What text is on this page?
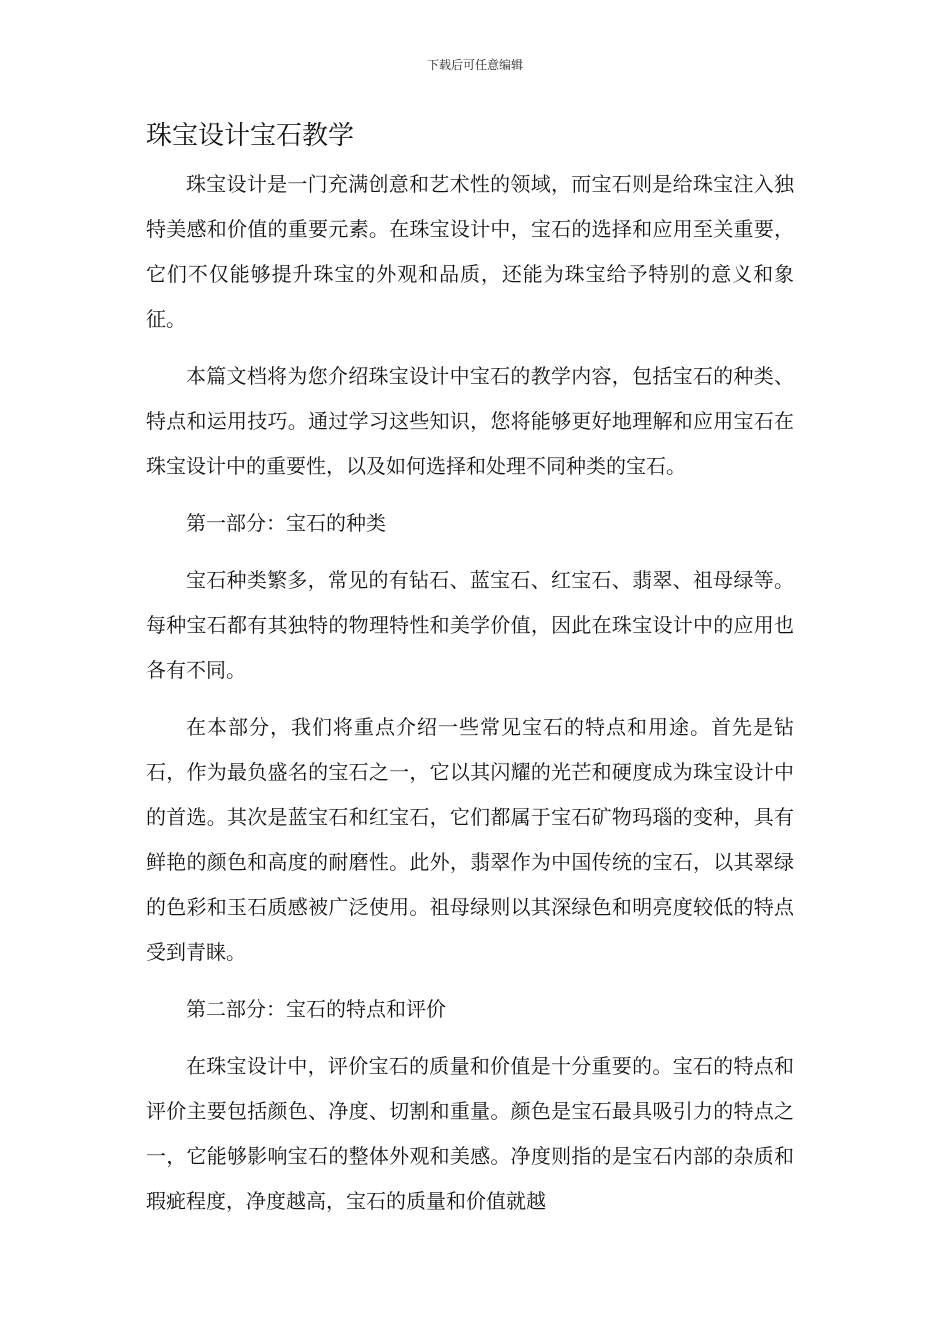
下载后可任意编辑
珠宝设计宝石教学

珠宝设计是一门充满创意和艺术性的领域，而宝石则是给珠宝注入独特美感和价值的重要元素。在珠宝设计中，宝石的选择和应用至关重要，它们不仅能够提升珠宝的外观和品质，还能为珠宝给予特别的意义和象征。

本篇文档将为您介绍珠宝设计中宝石的教学内容，包括宝石的种类、特点和运用技巧。通过学习这些知识，您将能够更好地理解和应用宝石在珠宝设计中的重要性，以及如何选择和处理不同种类的宝石。

第一部分：宝石的种类

宝石种类繁多，常见的有钻石、蓝宝石、红宝石、翡翠、祖母绿等。每种宝石都有其独特的物理特性和美学价值，因此在珠宝设计中的应用也各有不同。

在本部分，我们将重点介绍一些常见宝石的特点和用途。首先是钻石，作为最负盛名的宝石之一，它以其闪耀的光芒和硬度成为珠宝设计中的首选。其次是蓝宝石和红宝石，它们都属于宝石矿物玛瑙的变种，具有鲜艳的颜色和高度的耐磨性。此外，翡翠作为中国传统的宝石，以其翠绿的色彩和玉石质感被广泛使用。祖母绿则以其深绿色和明亮度较低的特点受到青睐。

第二部分：宝石的特点和评价

在珠宝设计中，评价宝石的质量和价值是十分重要的。宝石的特点和评价主要包括颜色、净度、切割和重量。颜色是宝石最具吸引力的特点之一，它能够影响宝石的整体外观和美感。净度则指的是宝石内部的杂质和瑕疵程度，净度越高，宝石的质量和价值就越
